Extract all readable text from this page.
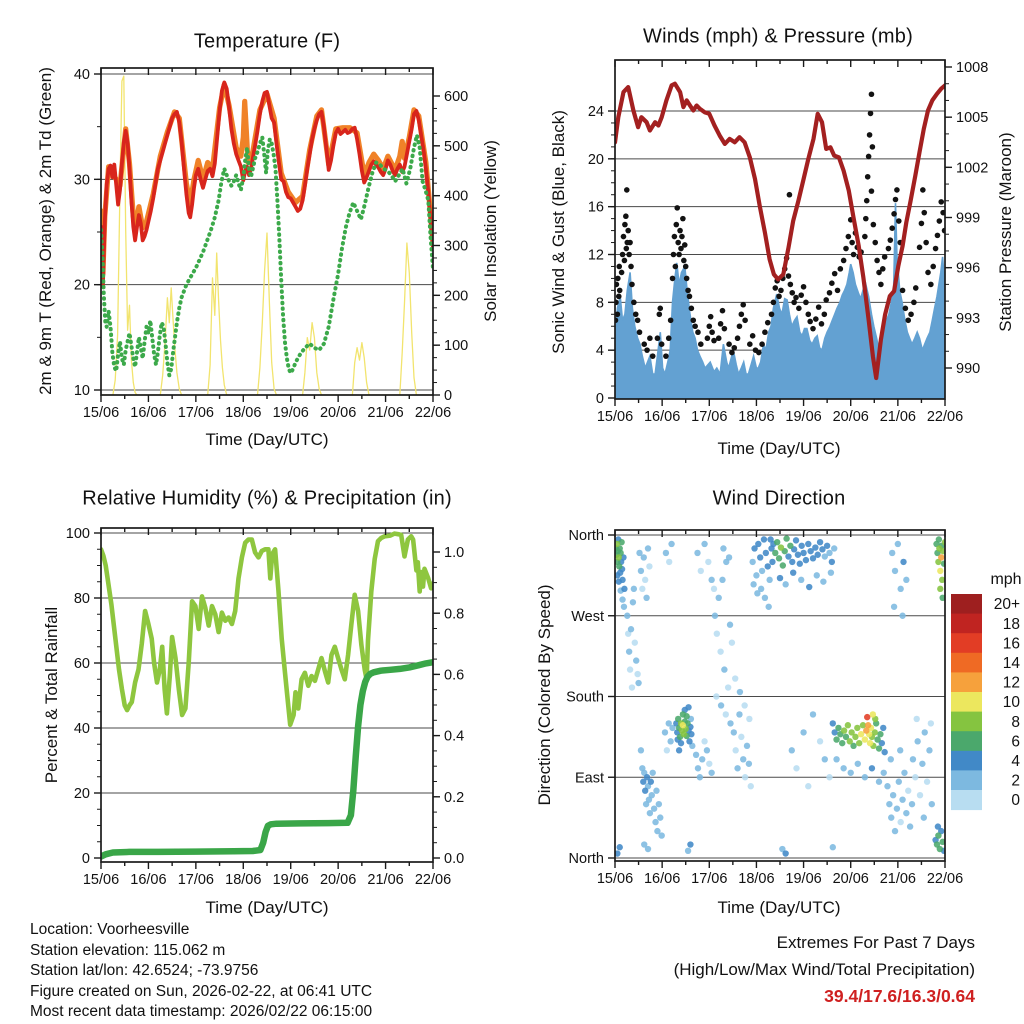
15/06 16/06 17/06 18/06 19/06 20/06 21/06 22/06
40
30
20
10
600
500
400
300
200
100
0
15/06 16/06 17/06 18/06 19/06 20/06 21/06 22/06
24
20
16
12
8
4
0
1008
1005
1002
999
996
993
990
15/06 16/06 17/06 18/06 19/06 20/06 21/06 22/06
100
80
60
40
20
0
1.0
0.8
0.6
0.4
0.2
0.0
20+
18
16
14
12
10
8
6
4
2
0
15/06 16/06 17/06 18/06 19/06 20/06 21/06 22/06
North
West
South
East
North
Temperature (F)	Winds (mph) & Pressure (mb)
Relative Humidity (%) & Precipitation (in)	Wind Direction
2m & 9m T (Red, Orange) & 2m Td (Green)	Solar Insolation (Yellow)	Sonic Wind & Gust (Blue, Black)	Station Pressure (Maroon)
Percent & Total Rainfall	Direction (Colored By Speed)
Time (Day/UTC)	Time (Day/UTC)
Time (Day/UTC)	Time (Day/UTC)
mph
Location: Voorheesville
Station elevation: 115.062 m
Station lat/lon: 42.6524; -73.9756
Figure created on Sun, 2026-02-22, at 06:41 UTC
Most recent data timestamp: 2026/02/22 06:15:00
Extremes For Past 7 Days
(High/Low/Max Wind/Total Precipitation)
39.4/17.6/16.3/0.64
